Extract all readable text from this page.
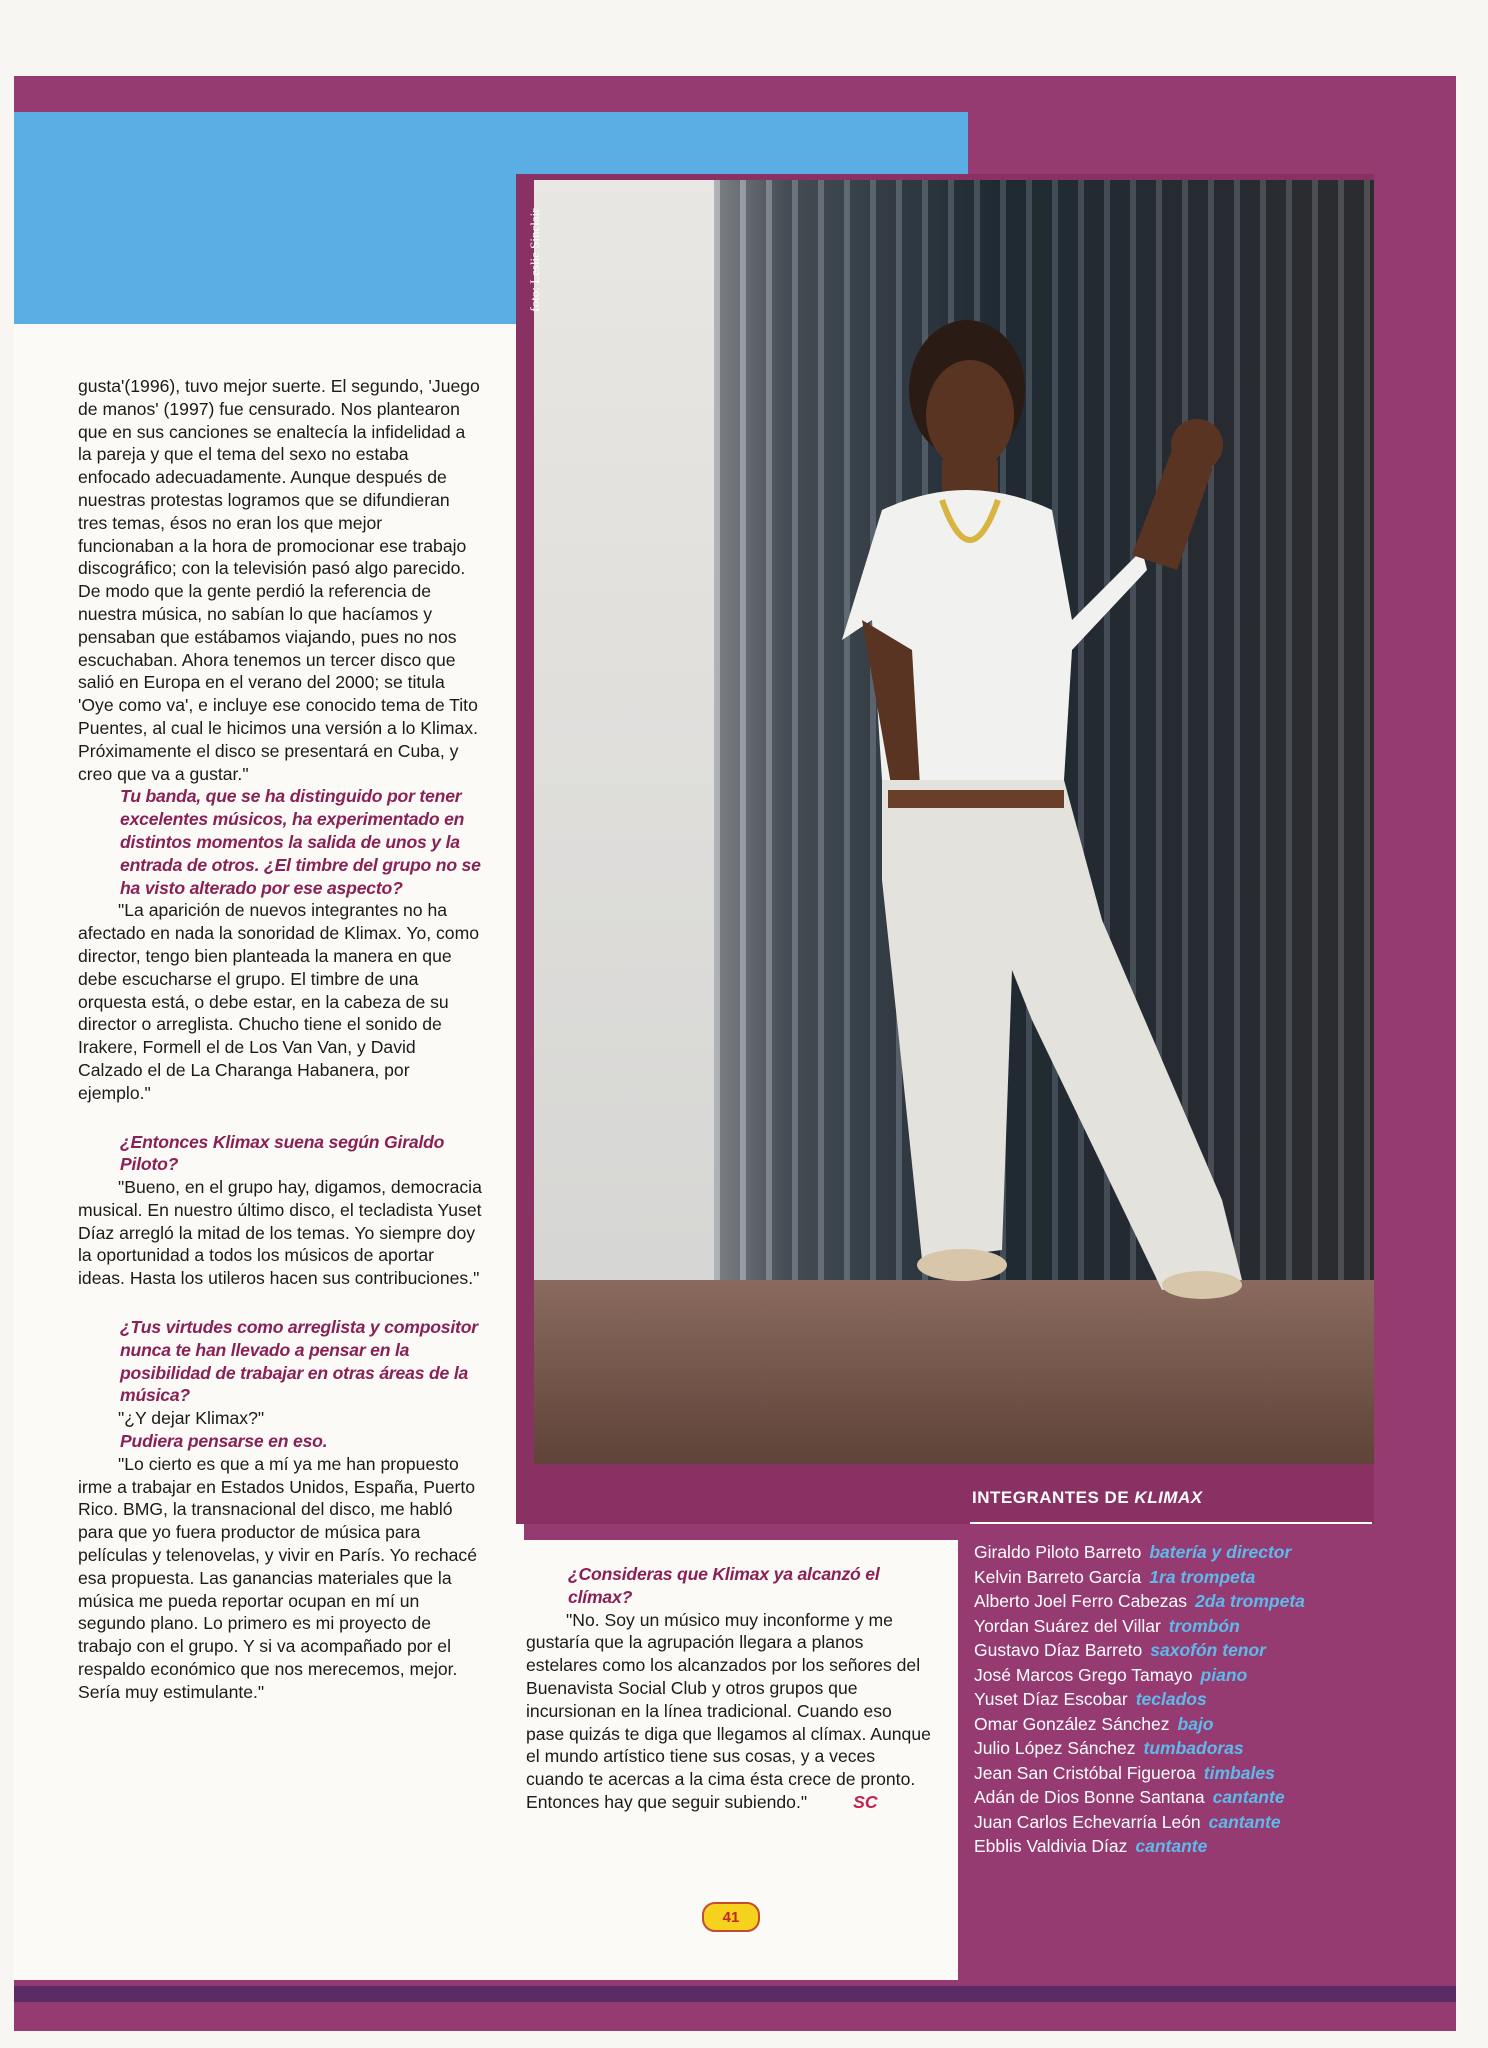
foto: Leslie Sinclair

gusta'(1996), tuvo mejor suerte. El segundo, 'Juego de manos' (1997) fue censurado. Nos plantearon que en sus canciones se enaltecía la infidelidad a la pareja y que el tema del sexo no estaba enfocado adecuadamente. Aunque después de nuestras protestas logramos que se difundieran tres temas, ésos no eran los que mejor funcionaban a la hora de promocionar ese trabajo discográfico; con la televisión pasó algo parecido. De modo que la gente perdió la referencia de nuestra música, no sabían lo que hacíamos y pensaban que estábamos viajando, pues no nos escuchaban. Ahora tenemos un tercer disco que salió en Europa en el verano del 2000; se titula 'Oye como va', e incluye ese conocido tema de Tito Puentes, al cual le hicimos una versión a lo Klimax. Próximamente el disco se presentará en Cuba, y creo que va a gustar."

Tu banda, que se ha distinguido por tener excelentes músicos, ha experimentado en distintos momentos la salida de unos y la entrada de otros. ¿El timbre del grupo no se ha visto alterado por ese aspecto?

"La aparición de nuevos integrantes no ha afectado en nada la sonoridad de Klimax. Yo, como director, tengo bien planteada la manera en que debe escucharse el grupo. El timbre de una orquesta está, o debe estar, en la cabeza de su director o arreglista. Chucho tiene el sonido de Irakere, Formell el de Los Van Van, y David Calzado el de La Charanga Habanera, por ejemplo."

¿Entonces Klimax suena según Giraldo Piloto?

"Bueno, en el grupo hay, digamos, democracia musical. En nuestro último disco, el tecladista Yuset Díaz arregló la mitad de los temas. Yo siempre doy la oportunidad a todos los músicos de aportar ideas. Hasta los utileros hacen sus contribuciones."

¿Tus virtudes como arreglista y compositor nunca te han llevado a pensar en la posibilidad de trabajar en otras áreas de la música?

"¿Y dejar Klimax?"

Pudiera pensarse en eso.

"Lo cierto es que a mí ya me han propuesto irme a trabajar en Estados Unidos, España, Puerto Rico. BMG, la transnacional del disco, me habló para que yo fuera productor de música para películas y telenovelas, y vivir en París. Yo rechacé esa propuesta. Las ganancias materiales que la música me pueda reportar ocupan en mí un segundo plano. Lo primero es mi proyecto de trabajo con el grupo. Y si va acompañado por el respaldo económico que nos merecemos, mejor. Sería muy estimulante."

¿Consideras que Klimax ya alcanzó el clímax?

"No. Soy un músico muy inconforme y me gustaría que la agrupación llegara a planos estelares como los alcanzados por los señores del Buenavista Social Club y otros grupos que incursionan en la línea tradicional. Cuando eso pase quizás te diga que llegamos al clímax. Aunque el mundo artístico tiene sus cosas, y a veces cuando te acercas a la cima ésta crece de pronto. Entonces hay que seguir subiendo."	SC

41
INTEGRANTES DE KLIMAX
Giraldo Piloto Barreto batería y director
Kelvin Barreto García 1ra trompeta
Alberto Joel Ferro Cabezas 2da trompeta
Yordan Suárez del Villar trombón
Gustavo Díaz Barreto saxofón tenor
José Marcos Grego Tamayo piano
Yuset Díaz Escobar teclados
Omar González Sánchez bajo
Julio López Sánchez tumbadoras
Jean San Cristóbal Figueroa timbales
Adán de Dios Bonne Santana cantante
Juan Carlos Echevarría León cantante
Ebblis Valdivia Díaz cantante
